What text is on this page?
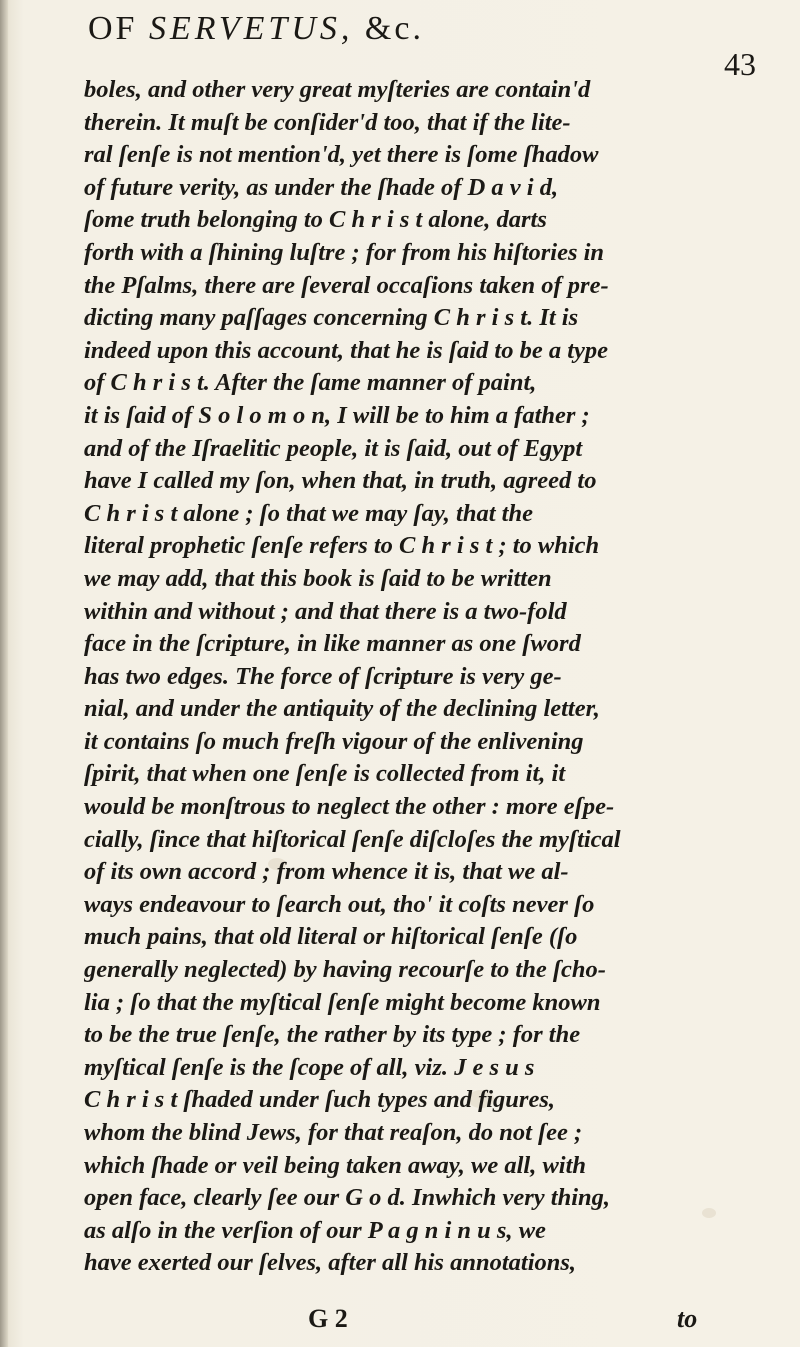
OF SERVETUS, &c.
43
boles, and other very great myſteries are contain'd
therein. It muſt be conſider'd too, that if the lite-
ral ſenſe is not mention'd, yet there is ſome ſhadow
of future verity, as under the ſhade of D a v i d,
ſome truth belonging to C h r i s t alone, darts
forth with a ſhining luſtre ; for from his hiſtories in
the Pſalms, there are ſeveral occaſions taken of pre-
dicting many paſſages concerning C h r i s t. It is
indeed upon this account, that he is ſaid to be a type
of C h r i s t. After the ſame manner of paint,
it is ſaid of S o l o m o n, I will be to him a father ;
and of the Iſraelitic people, it is ſaid, out of Egypt
have I called my ſon, when that, in truth, agreed to
C h r i s t alone ; ſo that we may ſay, that the
literal prophetic ſenſe refers to C h r i s t ; to which
we may add, that this book is ſaid to be written
within and without ; and that there is a two-fold
face in the ſcripture, in like manner as one ſword
has two edges. The force of ſcripture is very ge-
nial, and under the antiquity of the declining letter,
it contains ſo much freſh vigour of the enlivening
ſpirit, that when one ſenſe is collected from it, it
would be monſtrous to neglect the other : more eſpe-
cially, ſince that hiſtorical ſenſe diſcloſes the myſtical
of its own accord ; from whence it is, that we al-
ways endeavour to ſearch out, tho' it coſts never ſo
much pains, that old literal or hiſtorical ſenſe (ſo
generally neglected) by having recourſe to the ſcho-
lia ; ſo that the myſtical ſenſe might become known
to be the true ſenſe, the rather by its type ; for the
myſtical ſenſe is the ſcope of all, viz. J e s u s
C h r i s t ſhaded under ſuch types and figures,
whom the blind Jews, for that reaſon, do not ſee ;
which ſhade or veil being taken away, we all, with
open face, clearly ſee our G o d. Inwhich very thing,
as alſo in the verſion of our P a g n i n u s, we
have exerted our ſelves, after all his annotations,
G 2	to
